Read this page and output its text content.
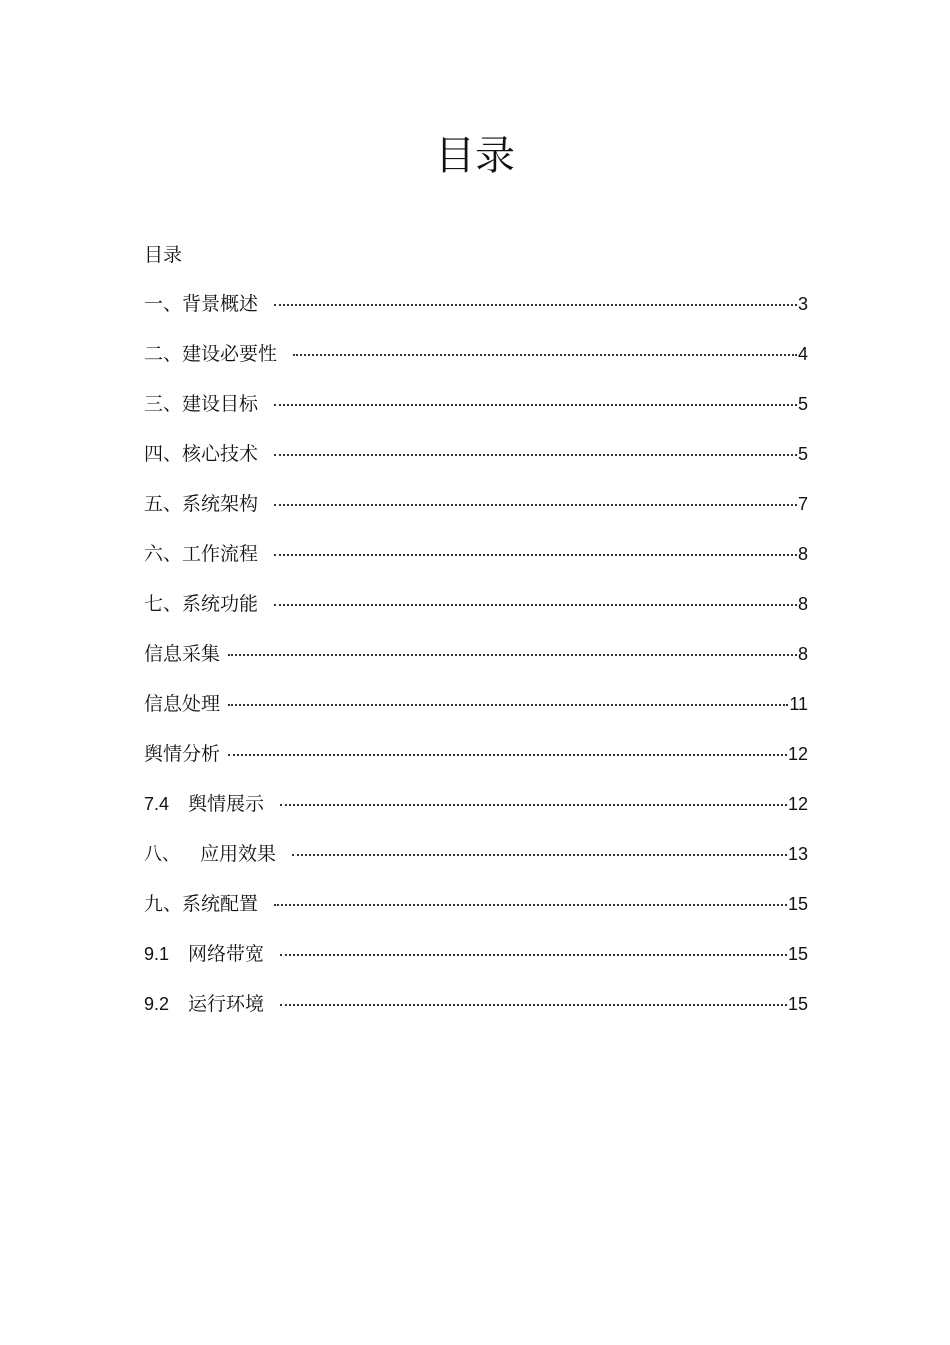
目录
目录
一、背景概述	3
二、建设必要性	4
三、建设目标	5
四、核心技术	5
五、系统架构	7
六、工作流程	8
七、系统功能	8
信息采集	8
信息处理	11
舆情分析	12
7.4 舆情展示	12
八、	应用效果	13
九、系统配置	15
9.1 网络带宽	15
9.2 运行环境	15
